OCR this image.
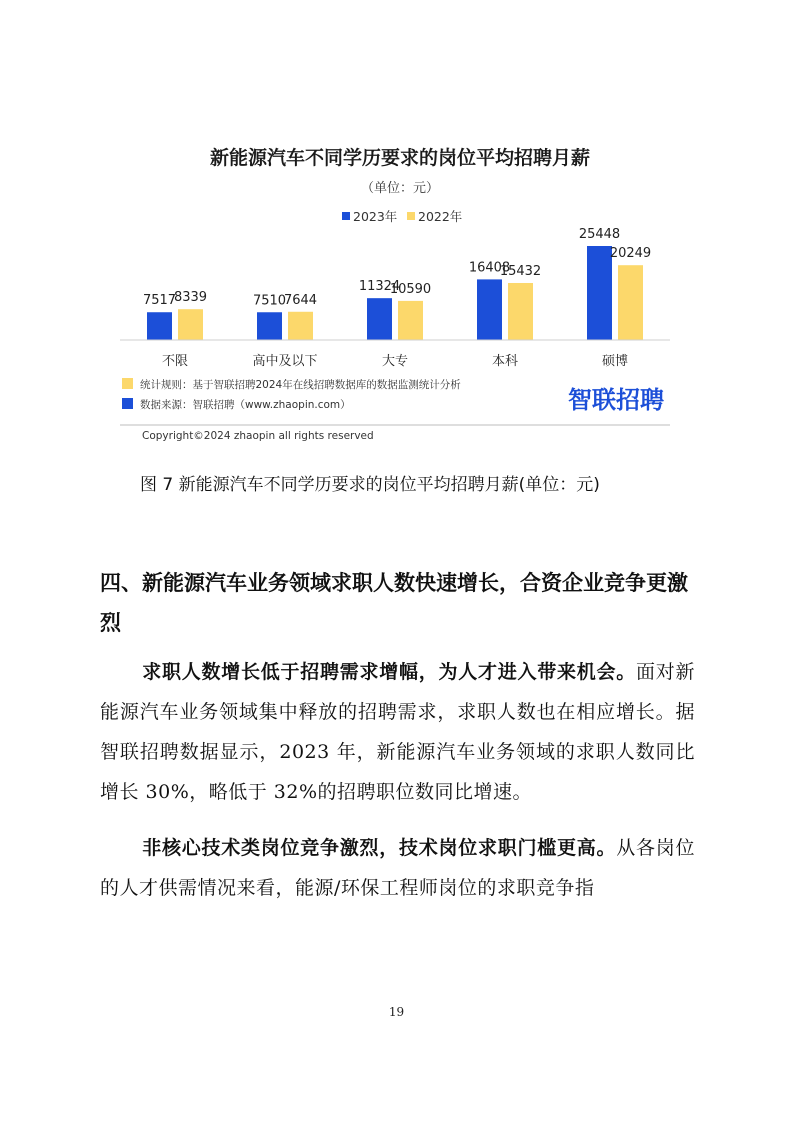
新能源汽车不同学历要求的岗位平均招聘月薪
（单位：元）
2023年 2022年
7517
8339
不限
7510
7644
高中及以下
11324
10590
大专
16408
15432
本科
25448
20249
硕博
统计规则：基于智联招聘2024年在线招聘数据库的数据监测统计分析
数据来源：智联招聘（www.zhaopin.com）	智联招聘
Copyright©2024 zhaopin all rights reserved
图 7 新能源汽车不同学历要求的岗位平均招聘月薪(单位：元)
四、新能源汽车业务领域求职人数快速增长，合资企业竞争更激烈
求职人数增长低于招聘需求增幅，为人才进入带来机会。面对新能源汽车业务领域集中释放的招聘需求，求职人数也在相应增长。据智联招聘数据显示，2023 年，新能源汽车业务领域的求职人数同比增长 30%，略低于 32%的招聘职位数同比增速。
非核心技术类岗位竞争激烈，技术岗位求职门槛更高。从各岗位的人才供需情况来看，能源/环保工程师岗位的求职竞争指
19
